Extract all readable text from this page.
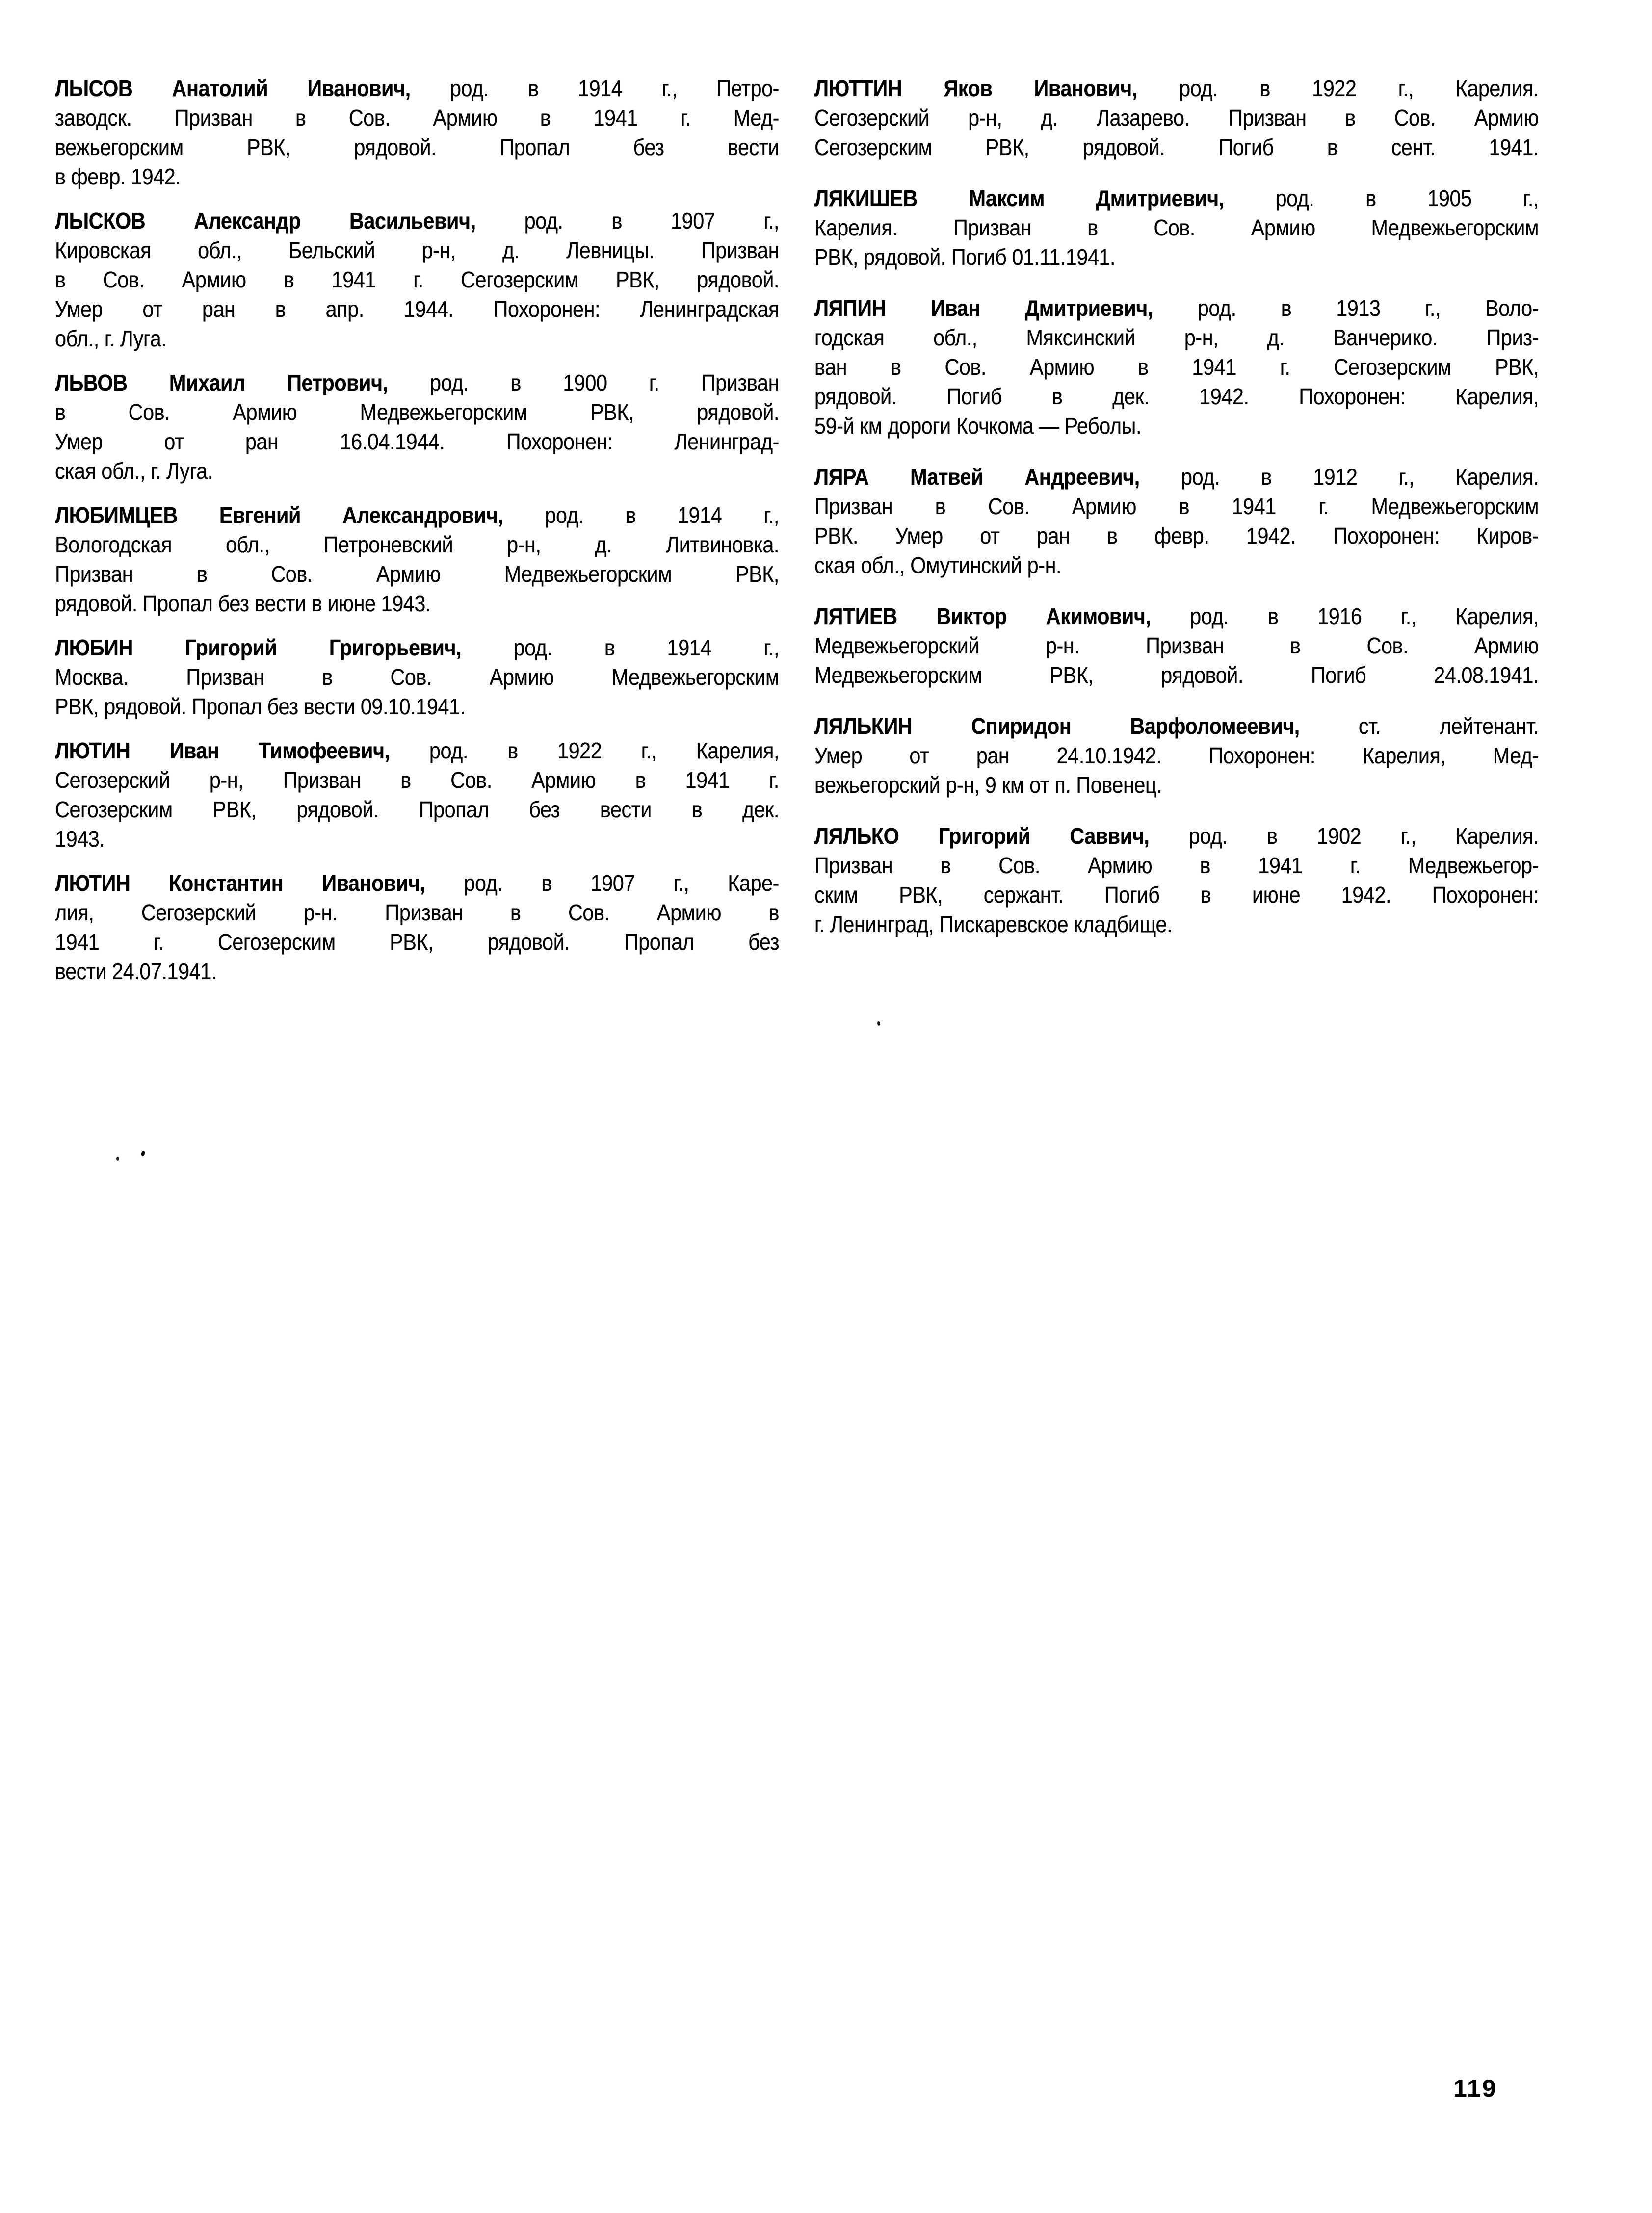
ЛЫСОВ Анатолий Иванович, род. в 1914 г., Петро-
заводск. Призван в Сов. Армию в 1941 г. Мед-
вежьегорским РВК, рядовой. Пропал без вести
в февр. 1942.
ЛЫСКОВ Александр Васильевич, род. в 1907 г.,
Кировская обл., Бельский р-н, д. Левницы. Призван
в Сов. Армию в 1941 г. Сегозерским РВК, рядовой.
Умер от ран в апр. 1944. Похоронен: Ленинградская
обл., г. Луга.
ЛЬВОВ Михаил Петрович, род. в 1900 г. Призван
в Сов. Армию Медвежьегорским РВК, рядовой.
Умер от ран 16.04.1944. Похоронен: Ленинград-
ская обл., г. Луга.
ЛЮБИМЦЕВ Евгений Александрович, род. в 1914 г.,
Вологодская обл., Петроневский р-н, д. Литвиновка.
Призван в Сов. Армию Медвежьегорским РВК,
рядовой. Пропал без вести в июне 1943.
ЛЮБИН Григорий Григорьевич, род. в 1914 г.,
Москва. Призван в Сов. Армию Медвежьегорским
РВК, рядовой. Пропал без вести 09.10.1941.
ЛЮТИН Иван Тимофеевич, род. в 1922 г., Карелия,
Сегозерский р-н, Призван в Сов. Армию в 1941 г.
Сегозерским РВК, рядовой. Пропал без вести в дек.
1943.
ЛЮТИН Константин Иванович, род. в 1907 г., Каре-
лия, Сегозерский р-н. Призван в Сов. Армию в
1941 г. Сегозерским РВК, рядовой. Пропал без
вести 24.07.1941.
ЛЮТТИН Яков Иванович, род. в 1922 г., Карелия.
Сегозерский р-н, д. Лазарево. Призван в Сов. Армию
Сегозерским РВК, рядовой. Погиб в сент. 1941.
ЛЯКИШЕВ Максим Дмитриевич, род. в 1905 г.,
Карелия. Призван в Сов. Армию Медвежьегорским
РВК, рядовой. Погиб 01.11.1941.
ЛЯПИН Иван Дмитриевич, род. в 1913 г., Воло-
годская обл., Мяксинский р-н, д. Ванчерико. Приз-
ван в Сов. Армию в 1941 г. Сегозерским РВК,
рядовой. Погиб в дек. 1942. Похоронен: Карелия,
59-й км дороги Кочкома — Реболы.
ЛЯРА Матвей Андреевич, род. в 1912 г., Карелия.
Призван в Сов. Армию в 1941 г. Медвежьегорским
РВК. Умер от ран в февр. 1942. Похоронен: Киров-
ская обл., Омутинский р-н.
ЛЯТИЕВ Виктор Акимович, род. в 1916 г., Карелия,
Медвежьегорский р-н. Призван в Сов. Армию
Медвежьегорским РВК, рядовой. Погиб 24.08.1941.
ЛЯЛЬКИН Спиридон Варфоломеевич,	ст. лейтенант.
Умер от ран 24.10.1942. Похоронен: Карелия, Мед-
вежьегорский р-н, 9 км от п. Повенец.
ЛЯЛЬКО Григорий Саввич, род. в 1902 г., Карелия.
Призван в Сов. Армию в 1941 г. Медвежьегор-
ским РВК, сержант. Погиб в июне 1942. Похоронен:
г. Ленинград, Пискаревское кладбище.
119
